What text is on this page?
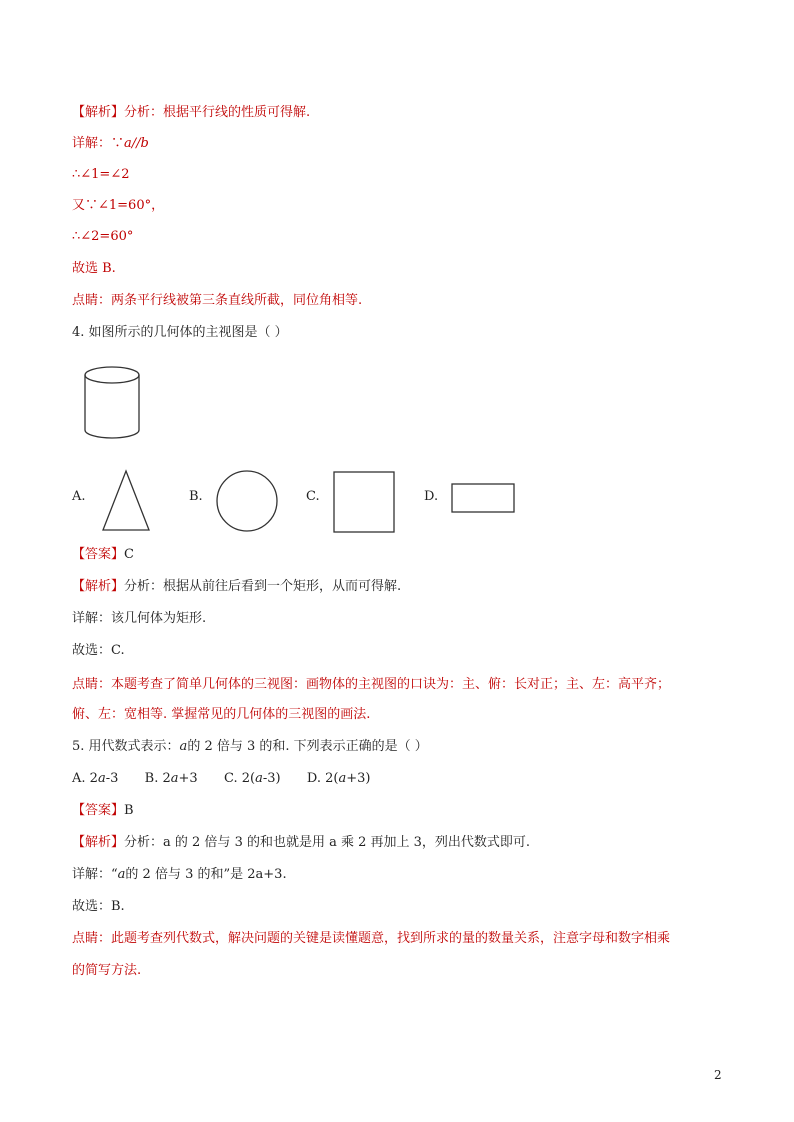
【解析】分析：根据平行线的性质可得解.
详解：∵a//b
∴∠1=∠2
又∵∠1=60°，
∴∠2=60°
故选 B.
点睛：两条平行线被第三条直线所截，同位角相等.
4. 如图所示的几何体的主视图是（ ）
A.	B.	C.	D.
【答案】C
【解析】分析：根据从前往后看到一个矩形，从而可得解.
详解：该几何体为矩形.
故选：C.
点睛：本题考查了简单几何体的三视图：画物体的主视图的口诀为：主、俯：长对正；主、左：高平齐；
俯、左：宽相等. 掌握常见的几何体的三视图的画法.
5. 用代数式表示：a的 2 倍与 3 的和. 下列表示正确的是（ ）
A. 2a-3 B. 2a+3 C. 2(a-3) D. 2(a+3)
【答案】B
【解析】分析：a 的 2 倍与 3 的和也就是用 a 乘 2 再加上 3，列出代数式即可.
详解：“a的 2 倍与 3 的和”是 2a+3.
故选：B.
点睛：此题考查列代数式，解决问题的关键是读懂题意，找到所求的量的数量关系，注意字母和数字相乘
的简写方法.
2
